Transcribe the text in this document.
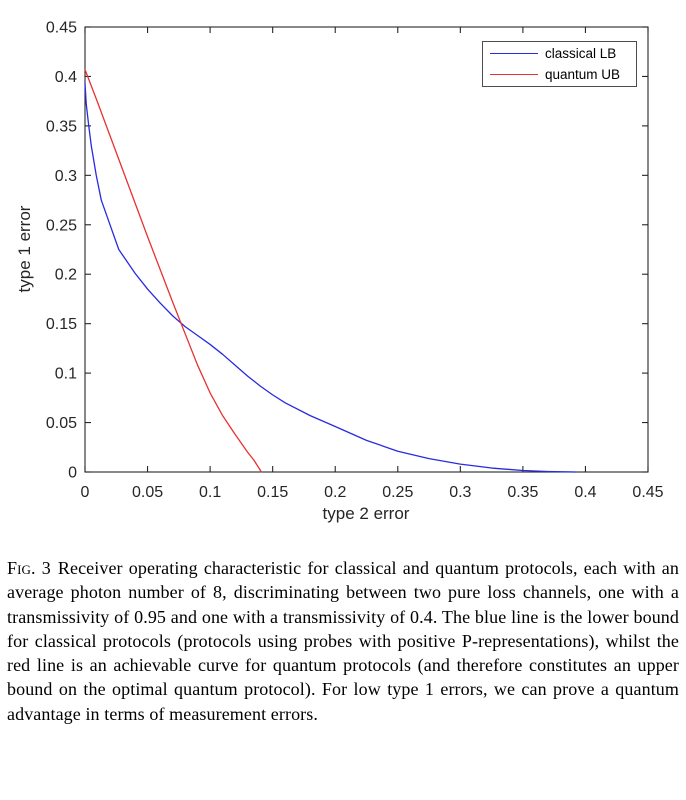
0	0.05 0.1 0.15 0.2 0.25 0.3 0.35 0.4 0.45
0
0.05
0.1
0.15
0.2
0.25
0.3
0.35
0.4
0.45
type 1 error
type 2 error
classical LB
quantum UB
Fig. 3 Receiver operating characteristic for classical and quantum protocols, each with an average photon number of 8, discriminating between two pure loss channels, one with a transmissivity of 0.95 and one with a transmissivity of 0.4. The blue line is the lower bound for classical protocols (protocols using probes with positive P-representations), whilst the red line is an achievable curve for quantum protocols (and therefore constitutes an upper bound on the optimal quantum protocol). For low type 1 errors, we can prove a quantum advantage in terms of measurement errors.
